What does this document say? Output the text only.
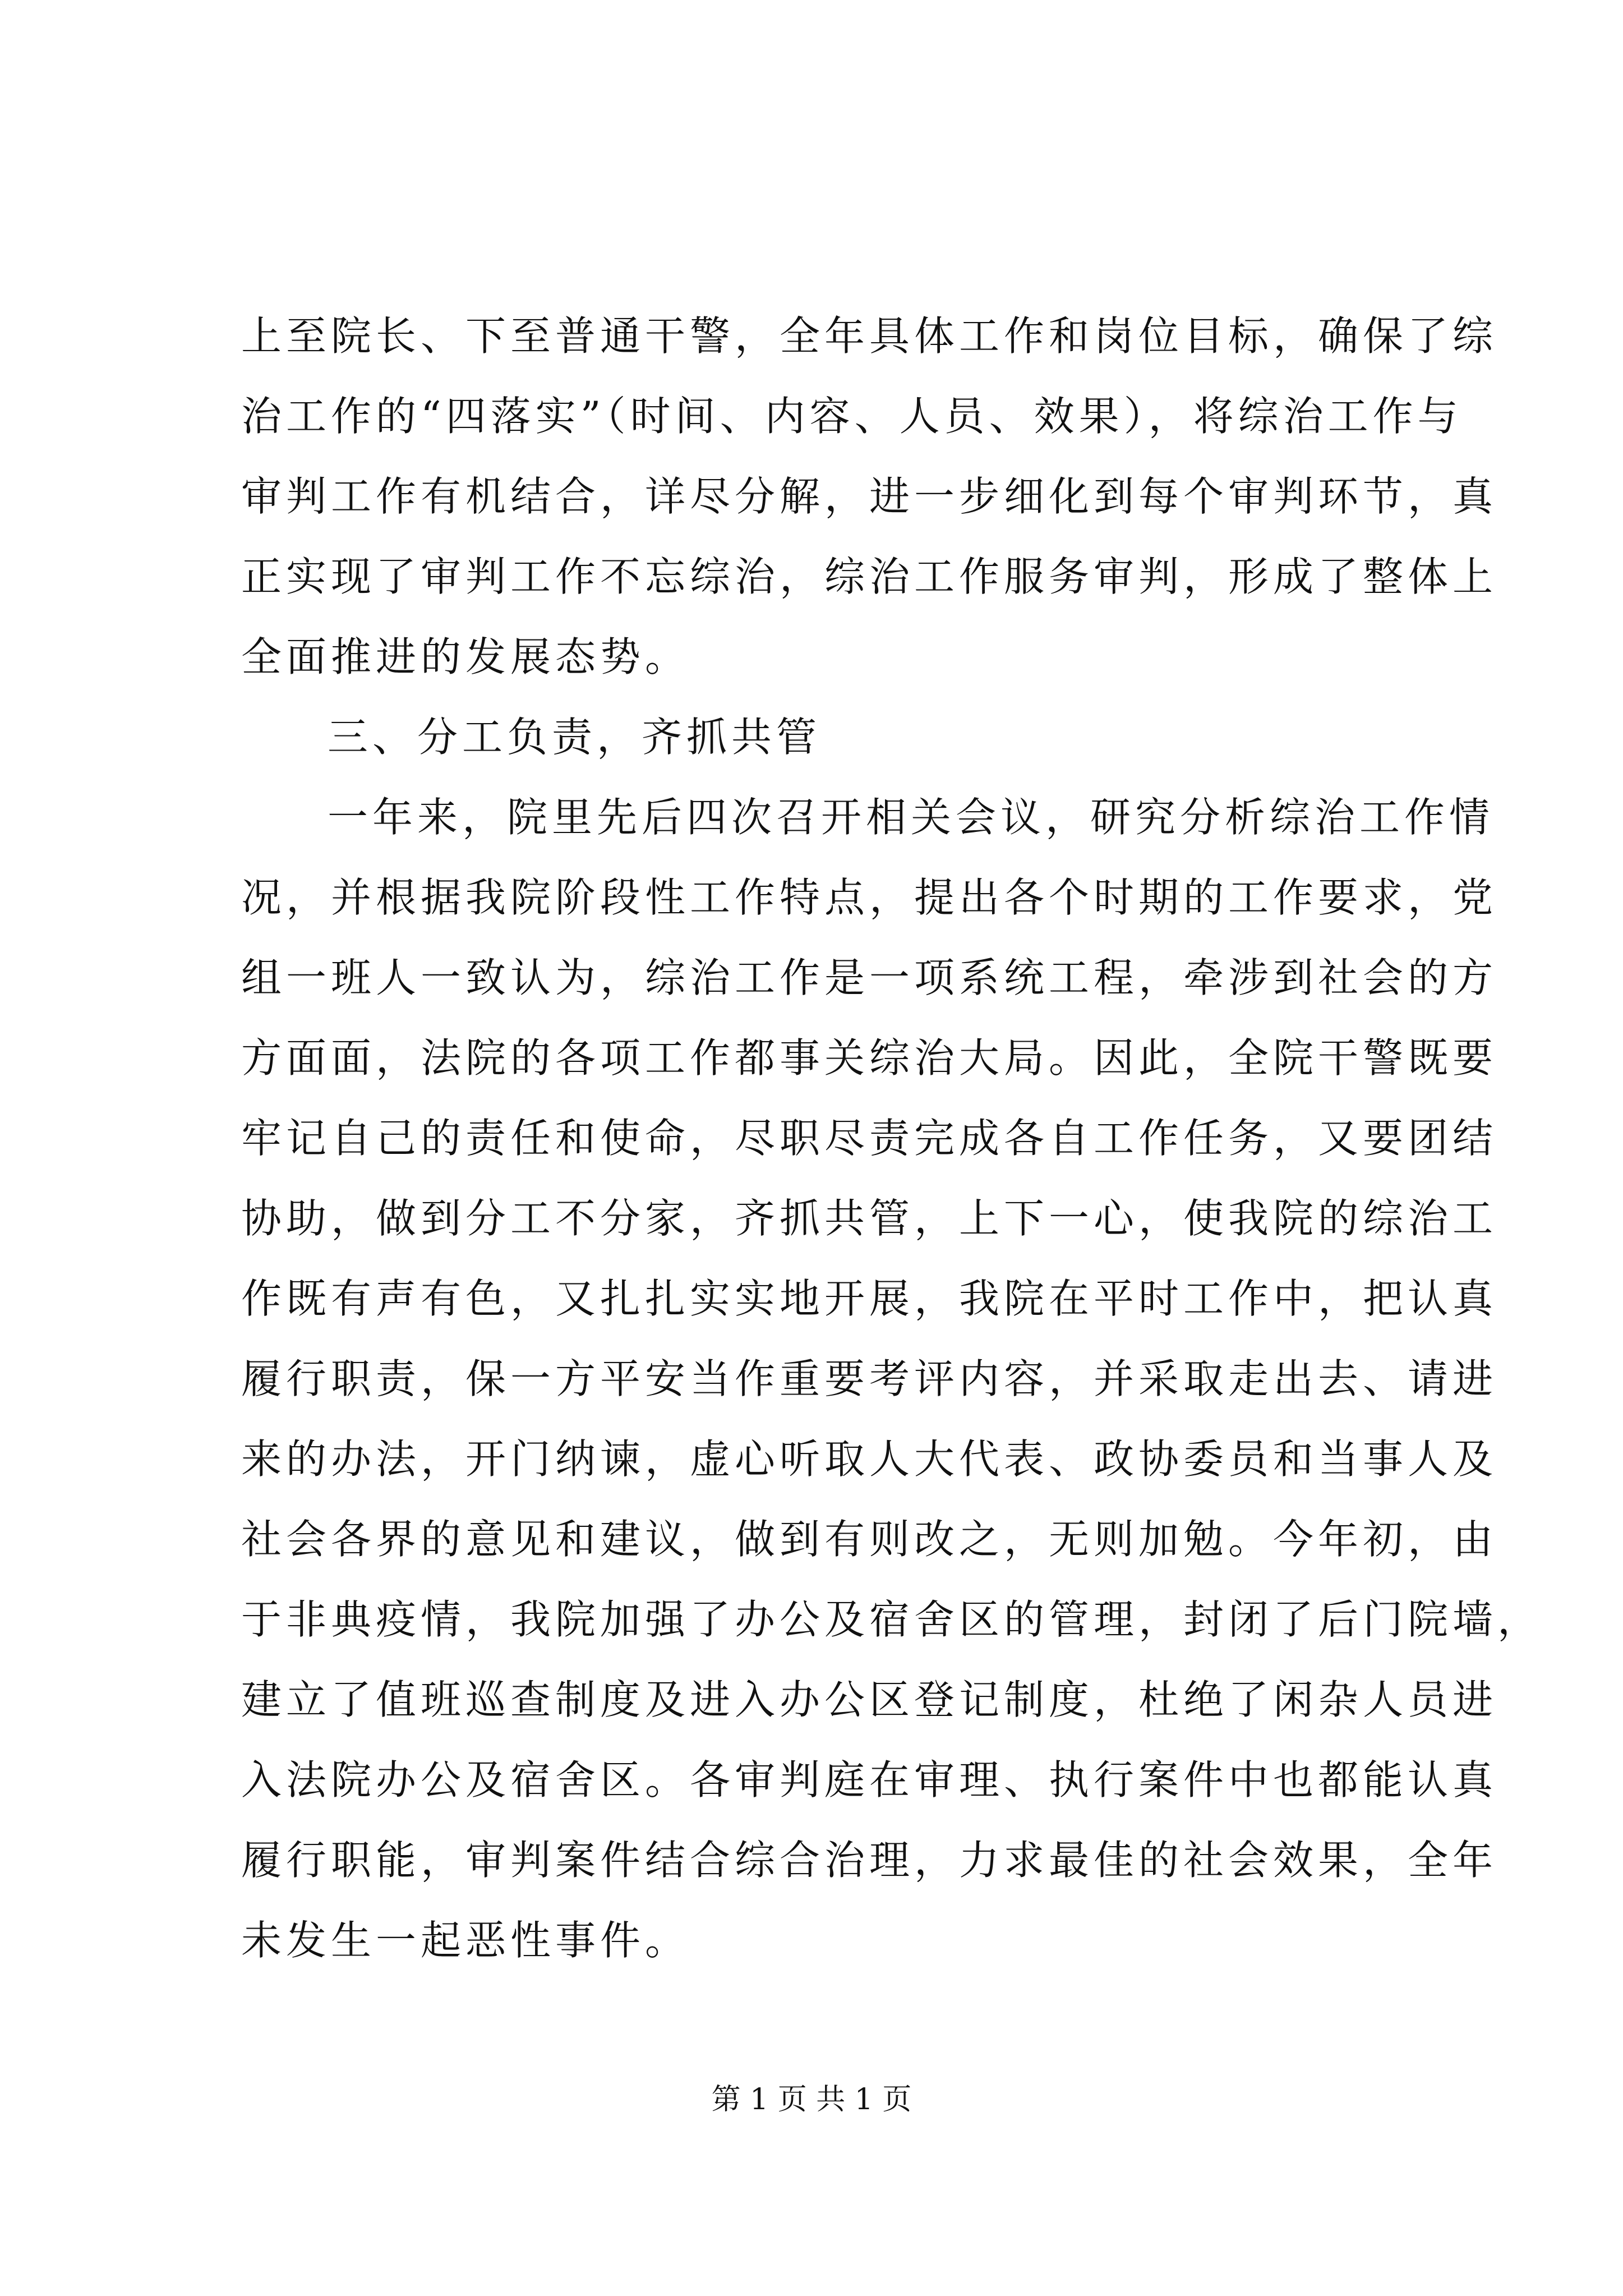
上至院长、下至普通干警，全年具体工作和岗位目标，确保了综
治工作的“四落实”（时间、内容、人员、效果），将综治工作与
审判工作有机结合，详尽分解，进一步细化到每个审判环节，真
正实现了审判工作不忘综治，综治工作服务审判，形成了整体上
全面推进的发展态势。
三、分工负责，齐抓共管
一年来，院里先后四次召开相关会议，研究分析综治工作情
况，并根据我院阶段性工作特点，提出各个时期的工作要求，党
组一班人一致认为，综治工作是一项系统工程，牵涉到社会的方
方面面，法院的各项工作都事关综治大局。因此，全院干警既要
牢记自己的责任和使命，尽职尽责完成各自工作任务，又要团结
协助，做到分工不分家，齐抓共管，上下一心，使我院的综治工
作既有声有色，又扎扎实实地开展，我院在平时工作中，把认真
履行职责，保一方平安当作重要考评内容，并采取走出去、请进
来的办法，开门纳谏，虚心听取人大代表、政协委员和当事人及
社会各界的意见和建议，做到有则改之，无则加勉。今年初，由
于非典疫情，我院加强了办公及宿舍区的管理，封闭了后门院墙，
建立了值班巡查制度及进入办公区登记制度，杜绝了闲杂人员进
入法院办公及宿舍区。各审判庭在审理、执行案件中也都能认真
履行职能，审判案件结合综合治理，力求最佳的社会效果，全年
未发生一起恶性事件。
第 1 页 共 1 页
